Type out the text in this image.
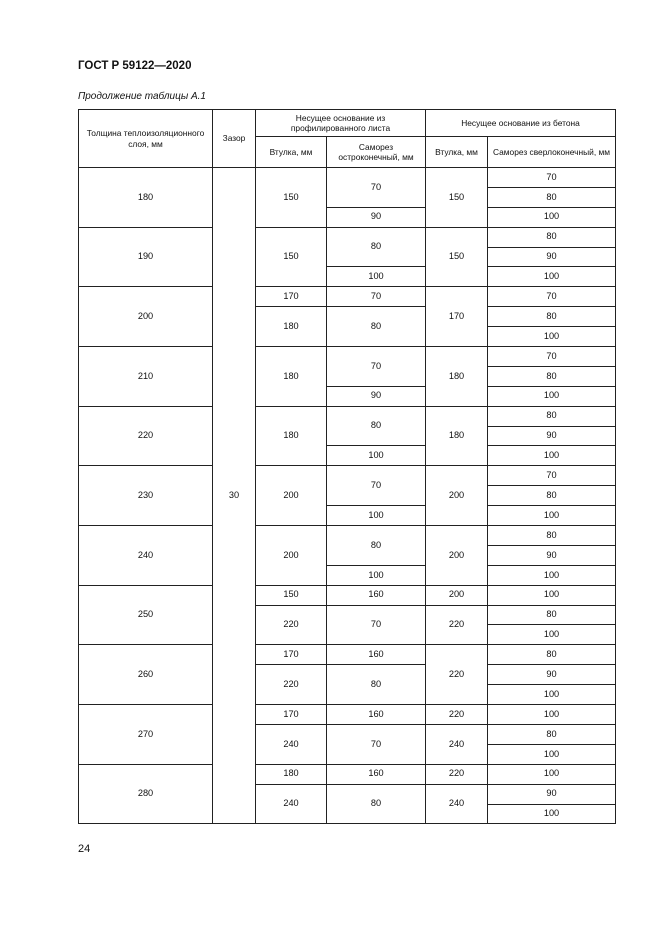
ГОСТ Р 59122—2020
Продолжение таблицы А.1
Толщина теплоизоляционного слоя, мм	Зазор	Несущее основание из профилированного листа		Несущее основание из бетона	
		Втулка, мм	Саморез остроконечный, мм	Втулка, мм	Саморез сверлоконечный, мм
180	30	150	70	150	70
					80
			90		100
190		150	80	150	80
					90
			100		100
200		170	70	170	70
		180	80		80
					100
210		180	70	180	70
					80
			90		100
220		180	80	180	80
					90
			100		100
230		200	70	200	70
					80
			100		100
240		200	80	200	80
					90
			100		100
250		150	160	200	100
		220	70	220	80
					100
260		170	160	220	80
		220	80		90
					100
270		170	160	220	100
		240	70	240	80
					100
280		180	160	220	100
		240	80	240	90
					100
24
